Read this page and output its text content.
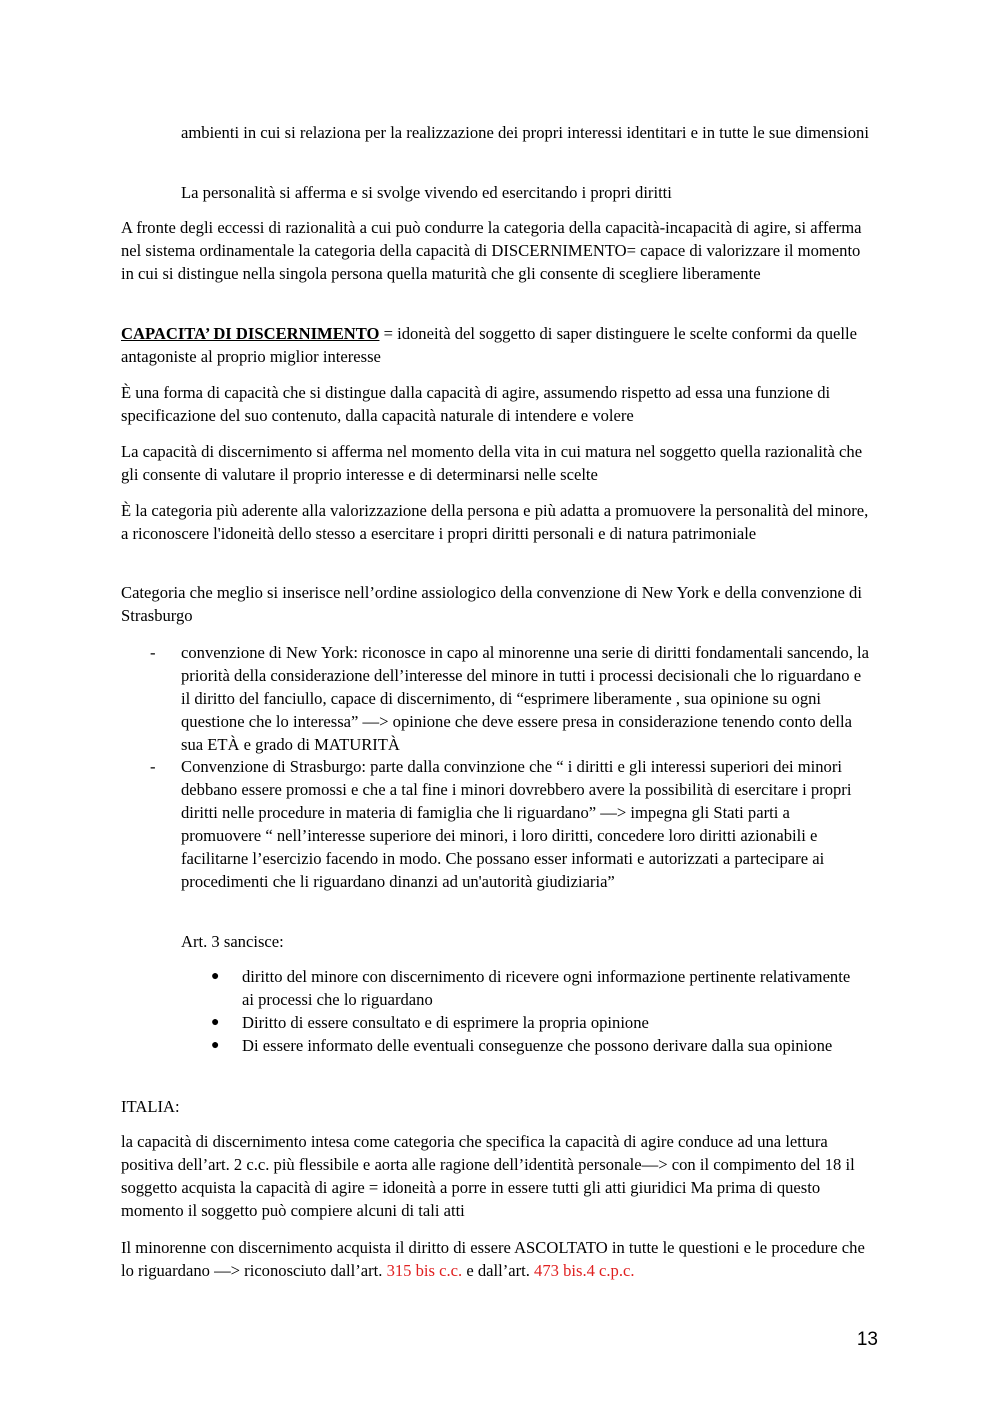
ambienti in cui si relaziona per la realizzazione dei propri interessi identitari e in tutte le sue dimensioni

La personalità si afferma e si svolge vivendo ed esercitando i propri diritti

A fronte degli eccessi di razionalità a cui può condurre la categoria della capacità-incapacità di agire, si afferma nel sistema ordinamentale la categoria della capacità di DISCERNIMENTO= capace di valorizzare il momento in cui si distingue nella singola persona quella maturità che gli consente di scegliere liberamente

CAPACITA’ DI DISCERNIMENTO = idoneità del soggetto di saper distinguere le scelte conformi da quelle antagoniste al proprio miglior interesse

È una forma di capacità che si distingue dalla capacità di agire, assumendo rispetto ad essa una funzione di specificazione del suo contenuto, dalla capacità naturale di intendere e volere

La capacità di discernimento si afferma nel momento della vita in cui matura nel soggetto quella razionalità che gli consente di valutare il proprio interesse e di determinarsi nelle scelte

È la categoria più aderente alla valorizzazione della persona e più adatta a promuovere la personalità del minore, a riconoscere l'idoneità dello stesso a esercitare i propri diritti personali e di natura patrimoniale

Categoria che meglio si inserisce nell’ordine assiologico della convenzione di New York e della convenzione di Strasburgo

- convenzione di New York: riconosce in capo al minorenne una serie di diritti fondamentali sancendo, la priorità della considerazione dell’interesse del minore in tutti i processi decisionali che lo riguardano e il diritto del fanciullo, capace di discernimento, di “esprimere liberamente , sua opinione su ogni questione che lo interessa” —> opinione che deve essere presa in considerazione tenendo conto della sua ETÀ e grado di MATURITÀ

- Convenzione di Strasburgo: parte dalla convinzione che “ i diritti e gli interessi superiori dei minori debbano essere promossi e che a tal fine i minori dovrebbero avere la possibilità di esercitare i propri diritti nelle procedure in materia di famiglia che li riguardano” —> impegna gli Stati parti a promuovere “ nell’interesse superiore dei minori, i loro diritti, concedere loro diritti azionabili e facilitarne l’esercizio facendo in modo. Che possano esser informati e autorizzati a partecipare ai procedimenti che li riguardano dinanzi ad un'autorità giudiziaria”

Art. 3 sancisce:

● diritto del minore con discernimento di ricevere ogni informazione pertinente relativamente ai processi che lo riguardano

● Diritto di essere consultato e di esprimere la propria opinione

● Di essere informato delle eventuali conseguenze che possono derivare dalla sua opinione

ITALIA:

la capacità di discernimento intesa come categoria che specifica la capacità di agire conduce ad una lettura positiva dell’art. 2 c.c. più flessibile e aorta alle ragione dell’identità personale—> con il compimento del 18 il soggetto acquista la capacità di agire = idoneità a porre in essere tutti gli atti giuridici Ma prima di questo momento il soggetto può compiere alcuni di tali atti

Il minorenne con discernimento acquista il diritto di essere ASCOLTATO in tutte le questioni e le procedure che lo riguardano —> riconosciuto dall’art. 315 bis c.c. e dall’art. 473 bis.4 c.p.c.

13
